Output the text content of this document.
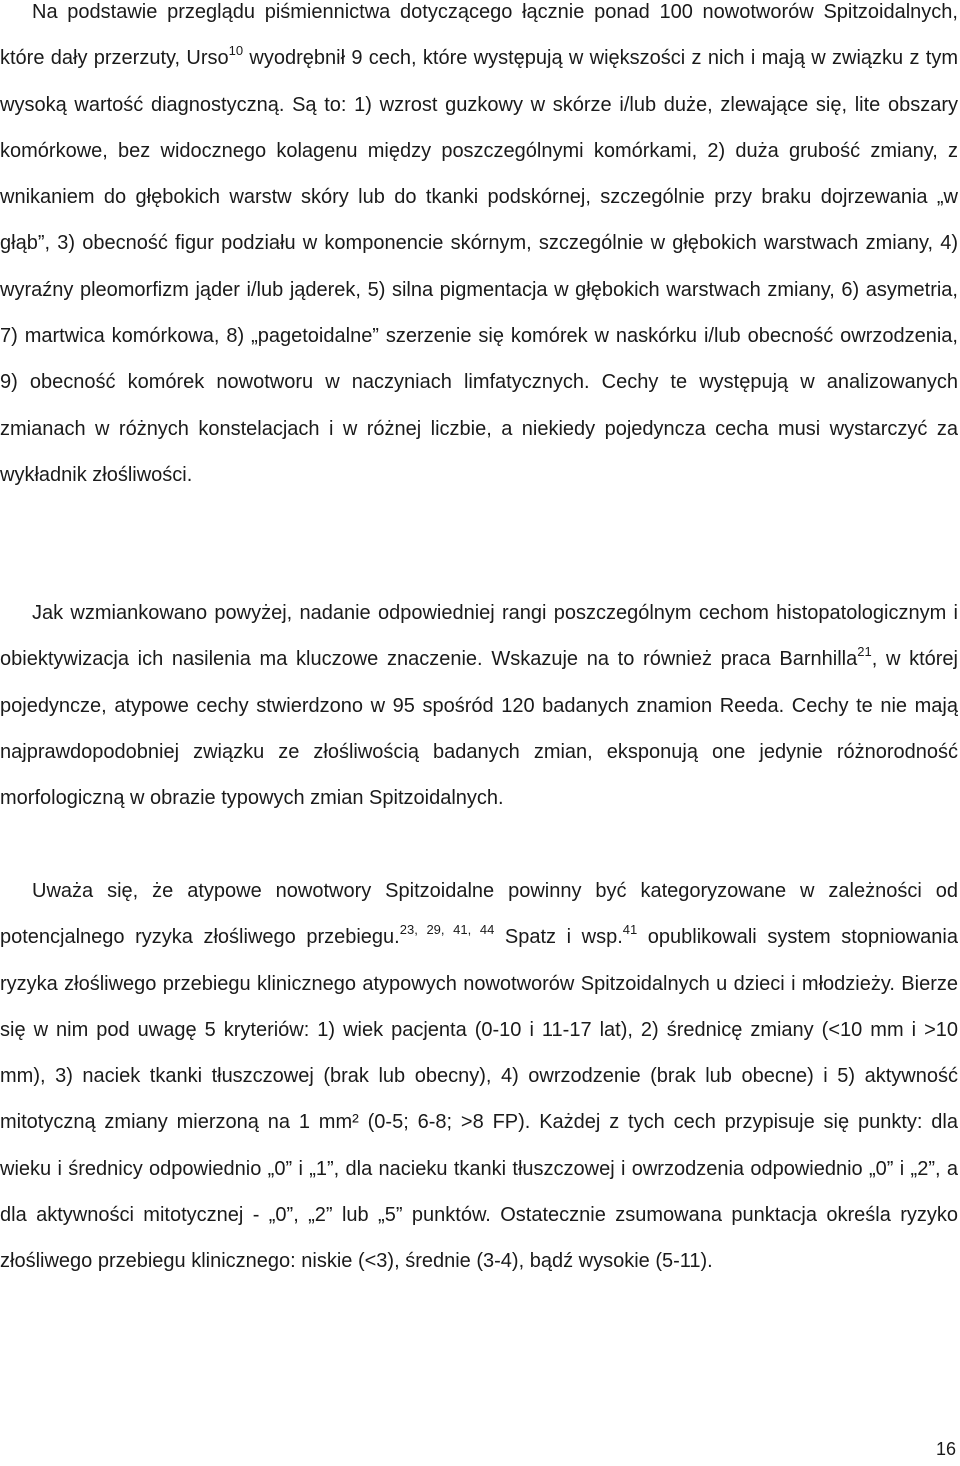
Na podstawie przeglądu piśmiennictwa dotyczącego łącznie ponad 100 nowotworów Spitzoidalnych, które dały przerzuty, Urso$^{10}$ wyodrębnił 9 cech, które występują w większości z nich i mają w związku z tym wysoką wartość diagnostyczną. Są to: 1) wzrost guzkowy w skórze i/lub duże, zlewające się, lite obszary komórkowe, bez widocznego kolagenu między poszczególnymi komórkami, 2) duża grubość zmiany, z wnikaniem do głębokich warstw skóry lub do tkanki podskórnej, szczególnie przy braku dojrzewania „w głąb”, 3) obecność figur podziału w komponencie skórnym, szczególnie w głębokich warstwach zmiany, 4) wyraźny pleomorfizm jąder i/lub jąderek, 5) silna pigmentacja w głębokich warstwach zmiany, 6) asymetria, 7) martwica komórkowa, 8) „pagetoidalne” szerzenie się komórek w naskórku i/lub obecność owrzodzenia, 9) obecność komórek nowotworu w naczyniach limfatycznych. Cechy te występują w analizowanych zmianach w różnych konstelacjach i w różnej liczbie, a niekiedy pojedyncza cecha musi wystarczyć za wykładnik złośliwości.

Jak wzmiankowano powyżej, nadanie odpowiedniej rangi poszczególnym cechom histopatologicznym i obiektywizacja ich nasilenia ma kluczowe znaczenie. Wskazuje na to również praca Barnhilla$^{21}$, w której pojedyncze, atypowe cechy stwierdzono w 95 spośród 120 badanych znamion Reeda. Cechy te nie mają najprawdopodobniej związku ze złośliwością badanych zmian, eksponują one jedynie różnorodność morfologiczną w obrazie typowych zmian Spitzoidalnych.

Uważa się, że atypowe nowotwory Spitzoidalne powinny być kategoryzowane w zależności od potencjalnego ryzyka złośliwego przebiegu.$^{23, 29, 41, 44}$ Spatz i wsp.$^{41}$ opublikowali system stopniowania ryzyka złośliwego przebiegu klinicznego atypowych nowotworów Spitzoidalnych u dzieci i młodzieży. Bierze się w nim pod uwagę 5 kryteriów: 1) wiek pacjenta (0-10 i 11-17 lat), 2) średnicę zmiany (<10 mm i >10 mm), 3) naciek tkanki tłuszczowej (brak lub obecny), 4) owrzodzenie (brak lub obecne) i 5) aktywność mitotyczną zmiany mierzoną na 1 mm² (0-5; 6-8; >8 FP). Każdej z tych cech przypisuje się punkty: dla wieku i średnicy odpowiednio „0” i „1”, dla nacieku tkanki tłuszczowej i owrzodzenia odpowiednio „0” i „2”, a dla aktywności mitotycznej - „0”, „2” lub „5” punktów. Ostatecznie zsumowana punktacja określa ryzyko złośliwego przebiegu klinicznego: niskie (<3), średnie (3-4), bądź wysokie (5-11).

16
